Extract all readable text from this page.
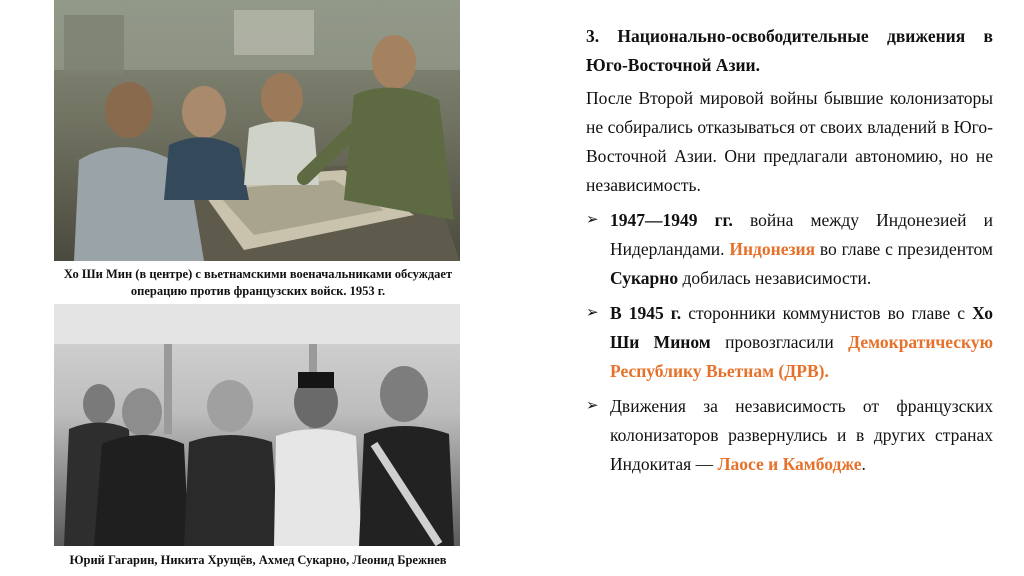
Хо Ши Мин (в центре) с вьетнамскими военачальниками обсуждает
операцию против французских войск. 1953 г.
Юрий Гагарин, Никита Хрущёв, Ахмед Сукарно, Леонид Брежнев

3. Национально-освободительные движения в Юго-Восточной Азии.

После Второй мировой войны бывшие колонизаторы не собирались отказываться от своих владений в Юго-Восточной Азии. Они предлагали автономию, но не независимость.

➢ 1947—1949 гг. война между Индонезией и Нидерландами. Индонезия во главе с президентом Сукарно добилась независимости.
➢ В 1945 г. сторонники коммунистов во главе с Хо Ши Мином провозгласили Демократическую Республику Вьетнам (ДРВ).
➢ Движения за независимость от французских колонизаторов развернулись и в других странах Индокитая — Лаосе и Камбодже.
